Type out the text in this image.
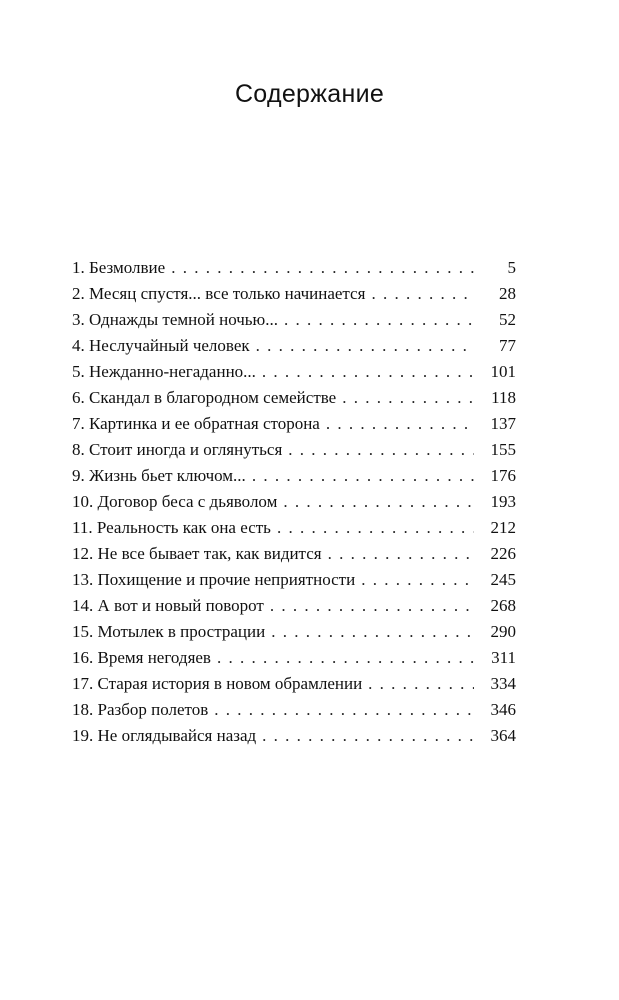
Содержание
1. Безмолвие . . .	5
2. Месяц спустя... все только начинается . . .	28
3. Однажды темной ночью... . . .	52
4. Неслучайный человек . . .	77
5. Нежданно-негаданно... . . .	101
6. Скандал в благородном семействе . . .	118
7. Картинка и ее обратная сторона . . .	137
8. Стоит иногда и оглянуться . . .	155
9. Жизнь бьет ключом... . . .	176
10. Договор беса с дьяволом . . .	193
11. Реальность как она есть . . .	212
12. Не все бывает так, как видится . . .	226
13. Похищение и прочие неприятности . . .	245
14. А вот и новый поворот . . .	268
15. Мотылек в прострации . . .	290
16. Время негодяев . . .	311
17. Старая история в новом обрамлении . . .	334
18. Разбор полетов . . .	346
19. Не оглядывайся назад . . .	364
